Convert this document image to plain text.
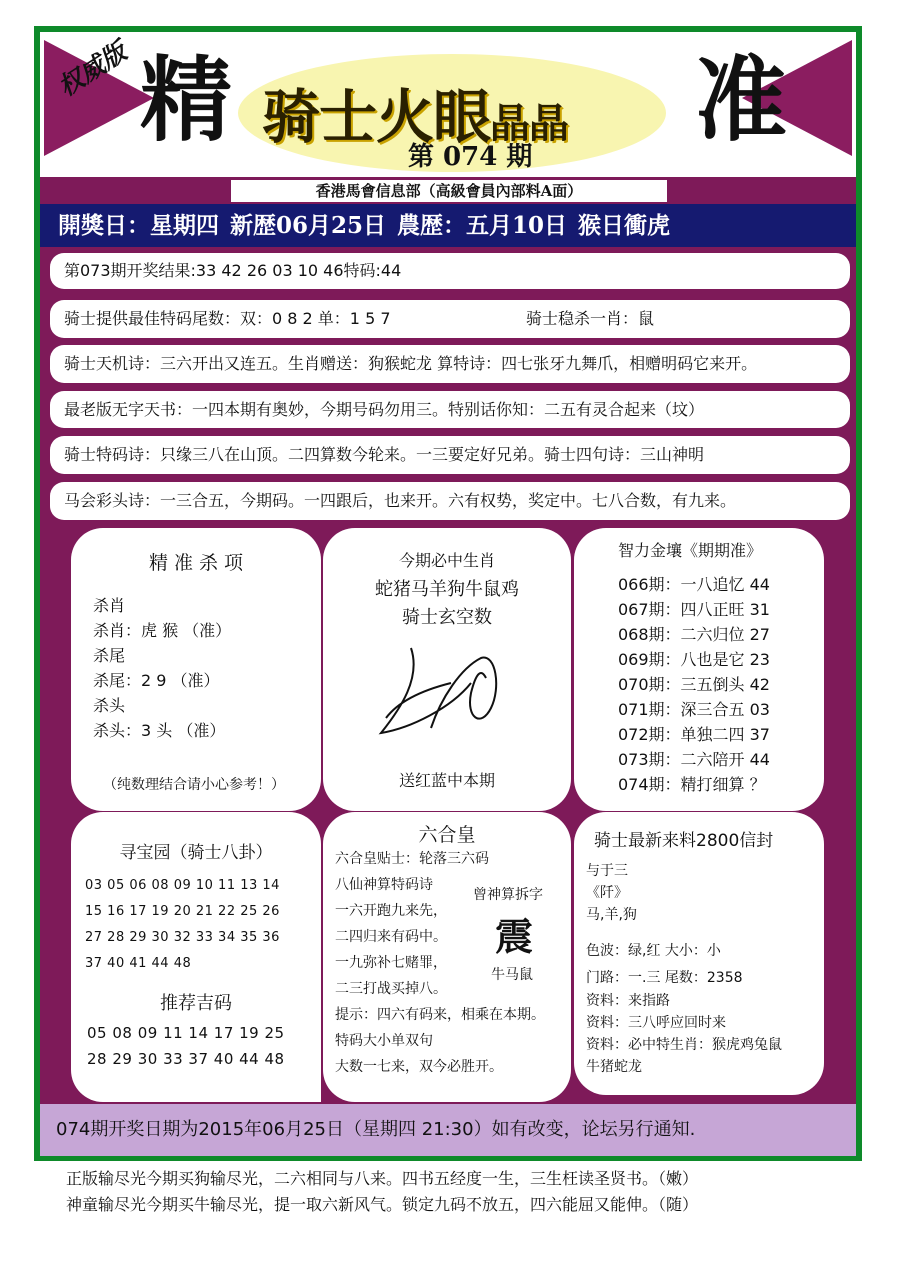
权威版 精 骑士火眼晶晶
第 074 期
准
香港馬會信息部（高級會員內部料A面）
開獎日：星期四 新歴06月25日 農歴：五月10日 猴日衝虎
第073期开奖结果:33 42 26 03 10 46特码:44
骑士提供最佳特码尾数：双：0 8 2 单：1 5 7	骑士稳杀一肖：鼠
骑士天机诗：三六开出又连五。生肖赠送：狗猴蛇龙 算特诗：四七张牙九舞爪，相赠明码它来开。
最老版无字天书：一四本期有奥妙，今期号码勿用三。特别话你知：二五有灵合起来（坟）
骑士特码诗：只缘三八在山顶。二四算数今轮来。一三要定好兄弟。骑士四句诗：三山神明
马会彩头诗：一三合五，今期码。一四跟后，也来开。六有权势，奖定中。七八合数，有九来。
精 准 杀 项
杀肖
杀肖：虎 猴 （准）
杀尾
杀尾：2 9 （准）
杀头
杀头：3 头 （准）
（纯数理结合请小心参考！）
今期必中生肖
蛇猪马羊狗牛鼠鸡
骑士玄空数
送红蓝中本期
智力金壤《期期准》
066期：一八追忆 44
067期：四八正旺 31
068期：二六归位 27
069期：八也是它 23
070期：三五倒头 42
071期：深三合五 03
072期：单独二四 37
073期：二六陪开 44
074期：精打细算 ？
寻宝园（骑士八卦）
03 05 06 08 09 10 11 13 14
15 16 17 19 20 21 22 25 26
27 28 29 30 32 33 34 35 36
37 40 41 44 48
推荐吉码
05 08 09 11 14 17 19 25
28 29 30 33 37 40 44 48
六合皇
六合皇贴士：轮落三六码
八仙神算特码诗
一六开跑九来先，
二四归来有码中。
一九弥补七赌罪，
二三打战买掉八。
曾神算拆字
震
牛马鼠
提示：四六有码来，相乘在本期。
特码大小单双句
大数一七来，双今必胜开。
骑士最新来料2800信封
与于三
《阡》
马,羊,狗
色波：绿,红 大小：小
门路：一.三 尾数：2358
资料：来指路
资料：三八呼应回时来
资料：必中特生肖：猴虎鸡兔鼠
牛猪蛇龙
074期开奖日期为2015年06月25日（星期四 21:30）如有改变，论坛另行通知.
正版输尽光今期买狗输尽光，二六相同与八来。四书五经度一生，三生枉读圣贤书。（嫩）
神童输尽光今期买牛输尽光，提一取六新风气。锁定九码不放五，四六能屈又能伸。（随）
